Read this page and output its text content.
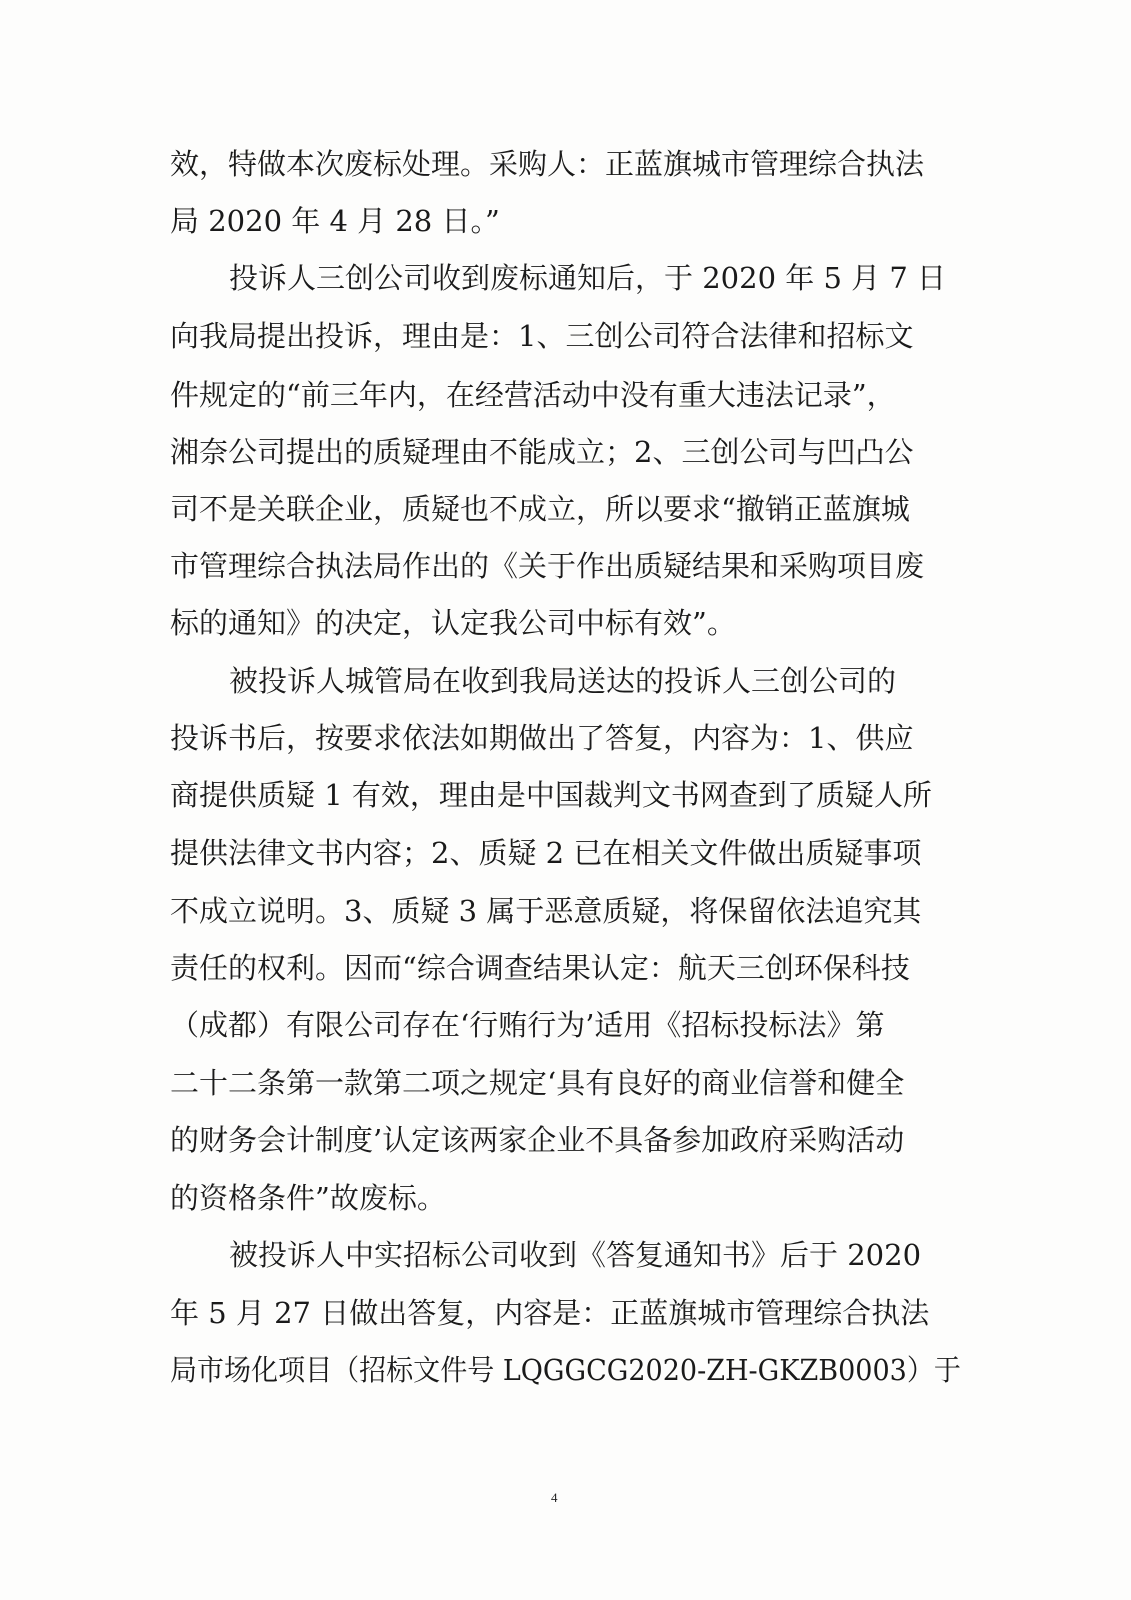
效，特做本次废标处理。采购人：正蓝旗城市管理综合执法
局 2020 年 4 月 28 日。”
投诉人三创公司收到废标通知后，于 2020 年 5 月 7 日
向我局提出投诉，理由是：1、三创公司符合法律和招标文
件规定的“前三年内，在经营活动中没有重大违法记录”，
湘奈公司提出的质疑理由不能成立；2、三创公司与凹凸公
司不是关联企业，质疑也不成立，所以要求“撤销正蓝旗城
市管理综合执法局作出的《关于作出质疑结果和采购项目废
标的通知》的决定，认定我公司中标有效”。
被投诉人城管局在收到我局送达的投诉人三创公司的
投诉书后，按要求依法如期做出了答复，内容为：1、供应
商提供质疑 1 有效，理由是中国裁判文书网查到了质疑人所
提供法律文书内容；2、质疑 2 已在相关文件做出质疑事项
不成立说明。3、质疑 3 属于恶意质疑，将保留依法追究其
责任的权利。因而“综合调查结果认定：航天三创环保科技
（成都）有限公司存在‘行贿行为’适用《招标投标法》第
二十二条第一款第二项之规定‘具有良好的商业信誉和健全
的财务会计制度’认定该两家企业不具备参加政府采购活动
的资格条件”故废标。
被投诉人中实招标公司收到《答复通知书》后于 2020
年 5 月 27 日做出答复，内容是：正蓝旗城市管理综合执法
局市场化项目（招标文件号 LQGGCG2020-ZH-GKZB0003）于
4
